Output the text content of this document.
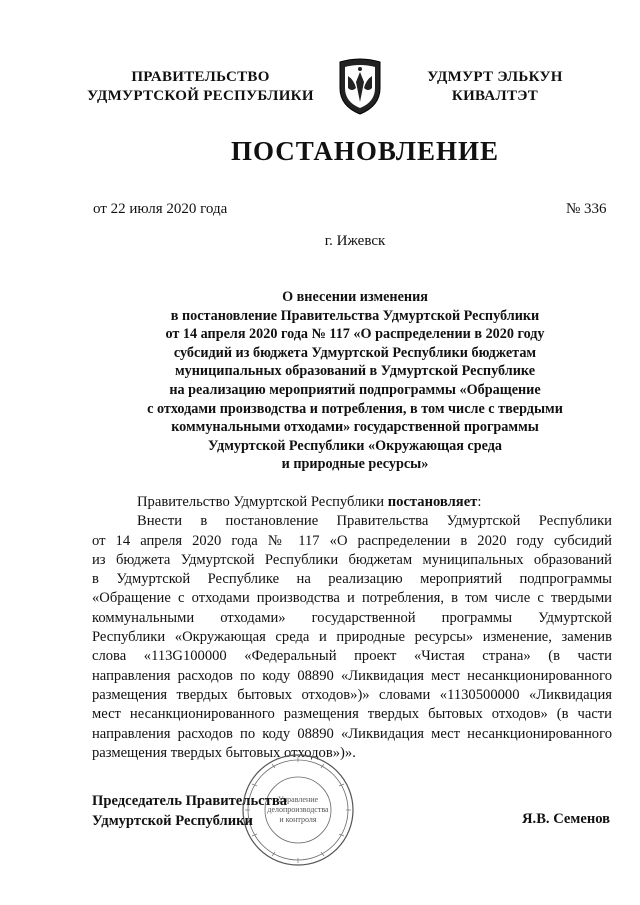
ПРАВИТЕЛЬСТВО
УДМУРТСКОЙ РЕСПУБЛИКИ
УДМУРТ ЭЛЬКУН
КИВАЛТЭТ
ПОСТАНОВЛЕНИЕ
от 22 июля 2020 года	№ 336
г. Ижевск
О внесении изменения
в постановление Правительства Удмуртской Республики
от 14 апреля 2020 года № 117 «О распределении в 2020 году
субсидий из бюджета Удмуртской Республики бюджетам
муниципальных образований в Удмуртской Республике
на реализацию мероприятий подпрограммы «Обращение
с отходами производства и потребления, в том числе с твердыми
коммунальными отходами» государственной программы
Удмуртской Республики «Окружающая среда
и природные ресурсы»
Правительство Удмуртской Республики постановляет:
Внести в постановление Правительства Удмуртской Республики
от 14 апреля 2020 года № 117 «О распределении в 2020 году субсидий
из бюджета Удмуртской Республики бюджетам муниципальных образований
в Удмуртской Республике на реализацию мероприятий подпрограммы
«Обращение с отходами производства и потребления, в том числе с твердыми
коммунальными отходами» государственной программы Удмуртской
Республики «Окружающая среда и природные ресурсы» изменение, заменив
слова «113G100000 «Федеральный проект «Чистая страна» (в части
направления расходов по коду 08890 «Ликвидация мест несанкционированного
размещения твердых бытовых отходов»)» словами «1130500000 «Ликвидация
мест несанкционированного размещения твердых бытовых отходов» (в части
направления расходов по коду 08890 «Ликвидация мест несанкционированного
размещения твердых бытовых отходов»)».
Управление
делопроизводства
и контроля
Председатель Правительства
Удмуртской Республики	Я.В. Семенов
